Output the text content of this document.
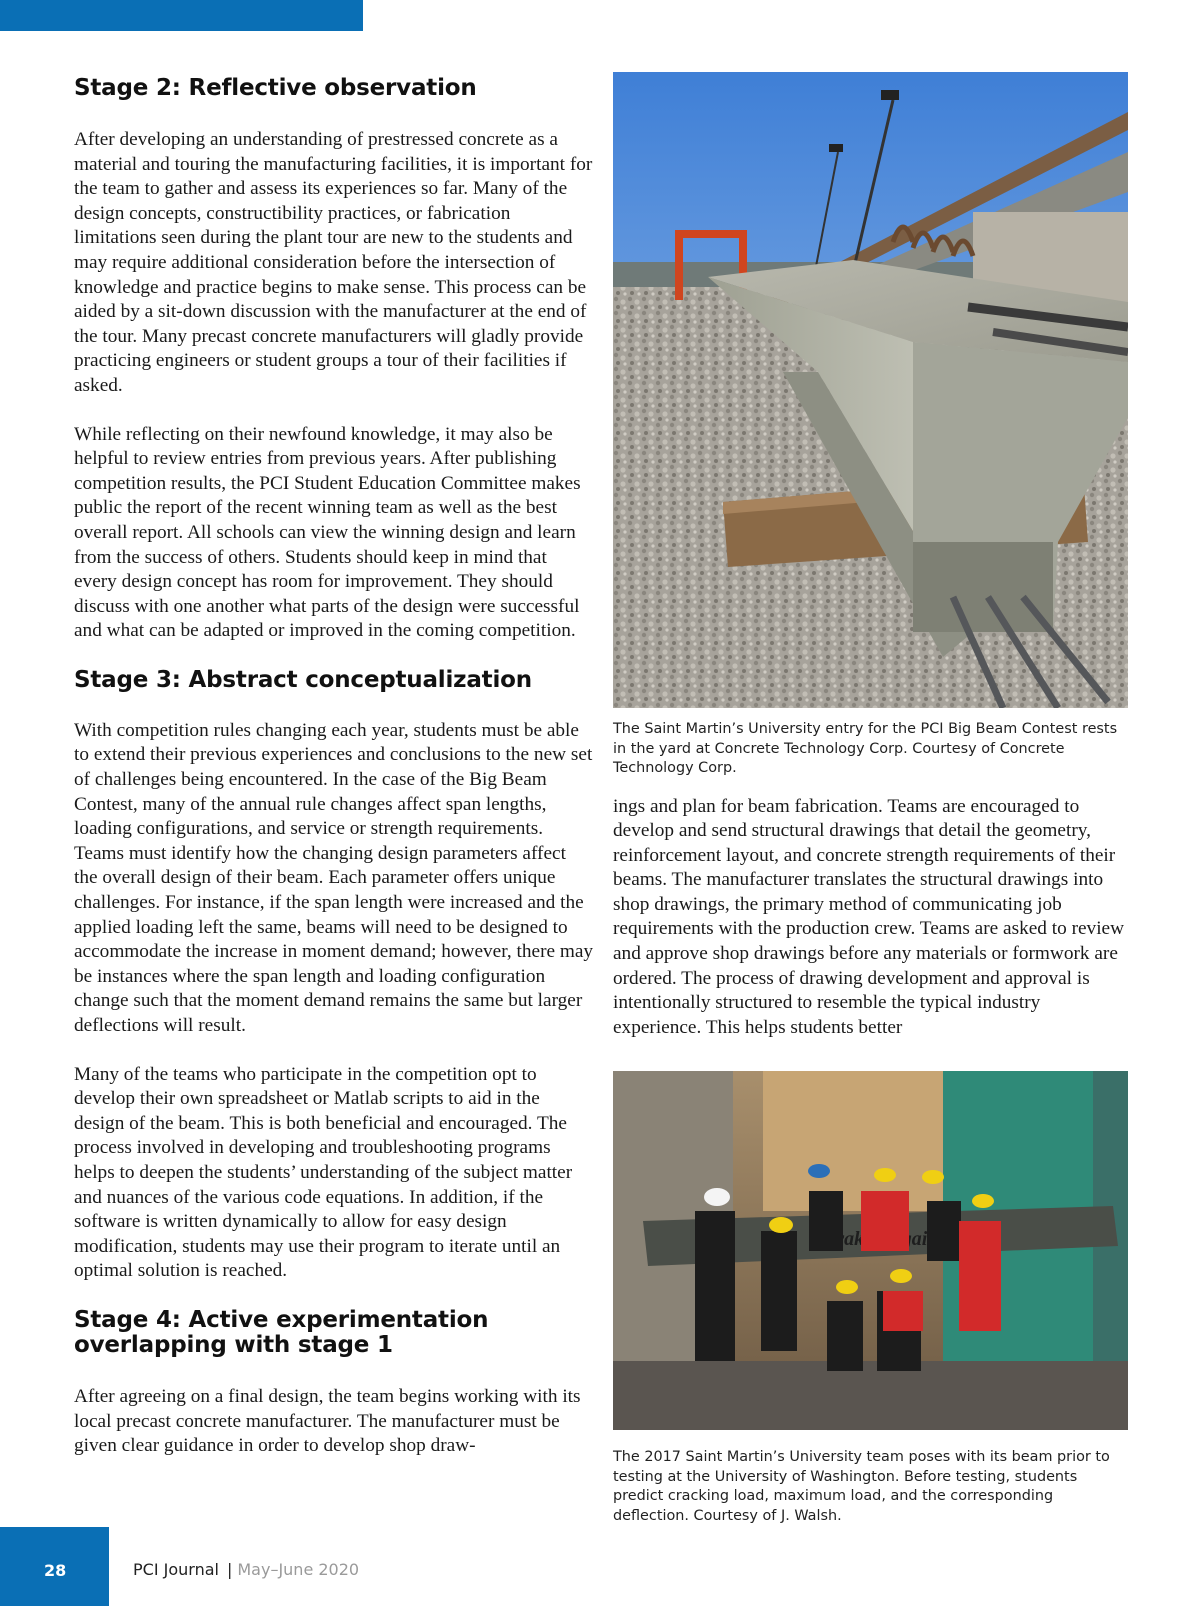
Stage 2: Reflective observation

After developing an understanding of prestressed concrete as a material and touring the manufacturing facilities, it is important for the team to gather and assess its experiences so far. Many of the design concepts, constructibility practices, or fabrication limitations seen during the plant tour are new to the students and may require additional consideration before the intersection of knowledge and practice begins to make sense. This process can be aided by a sit-down discussion with the manufacturer at the end of the tour. Many precast concrete manufacturers will gladly provide practicing engineers or student groups a tour of their facilities if asked.

While reflecting on their newfound knowledge, it may also be helpful to review entries from previous years. After publishing competition results, the PCI Student Education Committee makes public the report of the recent winning team as well as the best overall report. All schools can view the winning design and learn from the success of others. Students should keep in mind that every design concept has room for improvement. They should discuss with one another what parts of the design were successful and what can be adapted or improved in the coming competition.

Stage 3: Abstract conceptualization

With competition rules changing each year, students must be able to extend their previous experiences and conclusions to the new set of challenges being encountered. In the case of the Big Beam Contest, many of the annual rule changes affect span lengths, loading configurations, and service or strength requirements. Teams must identify how the changing design parameters affect the overall design of their beam. Each parameter offers unique challenges. For instance, if the span length were increased and the applied loading left the same, beams will need to be designed to accommodate the increase in moment demand; however, there may be instances where the span length and loading configuration change such that the moment demand remains the same but larger deflections will result.

Many of the teams who participate in the competition opt to develop their own spreadsheet or Matlab scripts to aid in the design of the beam. This is both beneficial and encouraged. The process involved in developing and troubleshooting programs helps to deepen the students’ understanding of the subject matter and nuances of the various code equations. In addition, if the software is written dynamically to allow for easy design modification, students may use their program to iterate until an optimal solution is reached.

Stage 4: Active experimentation
overlapping with stage 1

After agreeing on a final design, the team begins working with its local precast concrete manufacturer. The manufacturer must be given clear guidance in order to develop shop draw-

The Saint Martin’s University entry for the PCI Big Beam Contest rests in the yard at Concrete Technology Corp. Courtesy of Concrete Technology Corp.

ings and plan for beam fabrication. Teams are encouraged to develop and send structural drawings that detail the geometry, reinforcement layout, and concrete strength requirements of their beams. The manufacturer translates the structural drawings into shop drawings, the primary method of communicating job requirements with the production crew. Teams are asked to review and approve shop drawings before any materials or formwork are ordered. The process of drawing development and approval is intentionally structured to resemble the typical industry experience. This helps students better

Kraken Again

The 2017 Saint Martin’s University team poses with its beam prior to testing at the University of Washington. Before testing, students predict cracking load, maximum load, and the corresponding deflection. Courtesy of J. Walsh.

28	PCI Journal | May–June 2020
